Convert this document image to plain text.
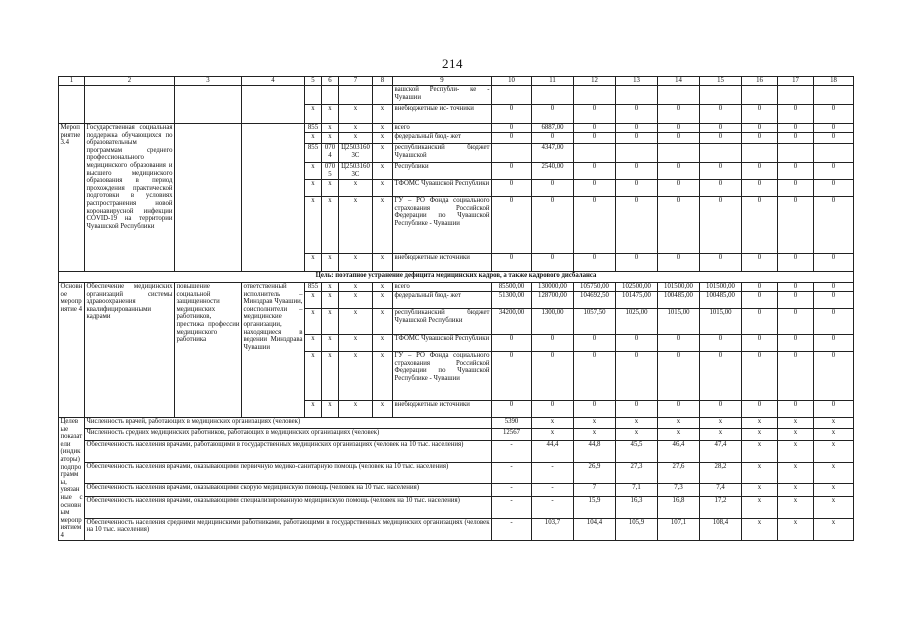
214
1	2	3	4	5	6	7	8	9	10	11	12	13	14	15	16	17	18
								вашской Республи- ке - Чувашии									
				x	x	x	x	внебюджетные ис- точники	0	0	0	0	0	0	0	0	0
Мероприятие 3.4	Государственная социальная поддержка обучающихся по образовательным программам среднего профессионального медицинского образования и высшего медицинского образования в период прохождения практической подготовки в условиях распространения новой коронавирусной инфекции COVID-19 на территории Чувашской Республики			855	x	x	x	всего	0	6887,00	0	0	0	0	0	0	0
				x	x	x	x	федеральный бюд- жет	0	0	0	0	0	0	0	0	0
				855	0704	Ц2503160 3С	x	республиканский бюджет Чувашской		4347,00							
				x	0705	Ц2503160 3С	x	Республики	0	2540,00	0	0	0	0	0	0	0
				x	x	x	x	ТФОМС Чувашской Республики	0	0	0	0	0	0	0	0	0
				x	x	x	x	ГУ – РО Фонда социального страхования Российской Федерации по Чувашской Республике - Чувашии	0	0	0	0	0	0	0	0	0
				x	x	x	x	внебюджетные источники	0	0	0	0	0	0	0	0	0
Цель: поэтапное устранение дефицита медицинских кадров, а также кадрового дисбаланса																	
Основное мероприятие 4	Обеспечение медицинских организаций системы здравоохранения квалифицированными кадрами	повышение социальной защищенности медицинских работников, престижа профессии медицинского работника	ответственный исполнитель – Минздрав Чувашии, соисполнители – медицинские организации, находящиеся в ведении Минздрава Чувашии	855	x	x	x	всего	85500,00	130000,00	105750,00	102500,00	101500,00	101500,00	0	0	0
				x	x	x	x	федеральный бюд- жет	51300,00	128700,00	104692,50	101475,00	100485,00	100485,00	0	0	0
				x	x	x	x	республиканский бюджет Чувашской Республики	34200,00	1300,00	1057,50	1025,00	1015,00	1015,00	0	0	0
				x	x	x	x	ТФОМС Чувашской Республики	0	0	0	0	0	0	0	0	0
				x	x	x	x	ГУ – РО Фонда социального страхования Российской Федерации по Чувашской Республике - Чувашии	0	0	0	0	0	0	0	0	0
				x	x	x	x	внебюджетные источники	0	0	0	0	0	0	0	0	0
Целевые показатели (индикаторы) подпрограммы, увязанные с основным мероприятием 4	Численность врачей, работающих в медицинских организациях (человек)								5390	x	x	x	x	x	x	x	x
	Численность средних медицинских работников, работающих в медицинских организациях (человек)								12567	x	x	x	x	x	x	x	x
	Обеспеченность населения врачами, работающими в государственных медицинских организациях (человек на 10 тыс. населения)								-	44,4	44,8	45,5	46,4	47,4	x	x	x
	Обеспеченность населения врачами, оказывающими первичную медико-санитарную помощь (человек на 10 тыс. населения)								-	-	26,9	27,3	27,6	28,2	x	x	x
	Обеспеченность населения врачами, оказывающими скорую медицинскую помощь (человек на 10 тыс. населения)								-	-	7	7,1	7,3	7,4	x	x	x
	Обеспеченность населения врачами, оказывающими специализированную медицинскую помощь (человек на 10 тыс. населения)								-	-	15,9	16,3	16,8	17,2	x	x	x
	Обеспеченность населения средними медицинскими работниками, работающими в государственных медицинских организациях (человек на 10 тыс. населения)								-	103,7	104,4	105,9	107,1	108,4	x	x	x
